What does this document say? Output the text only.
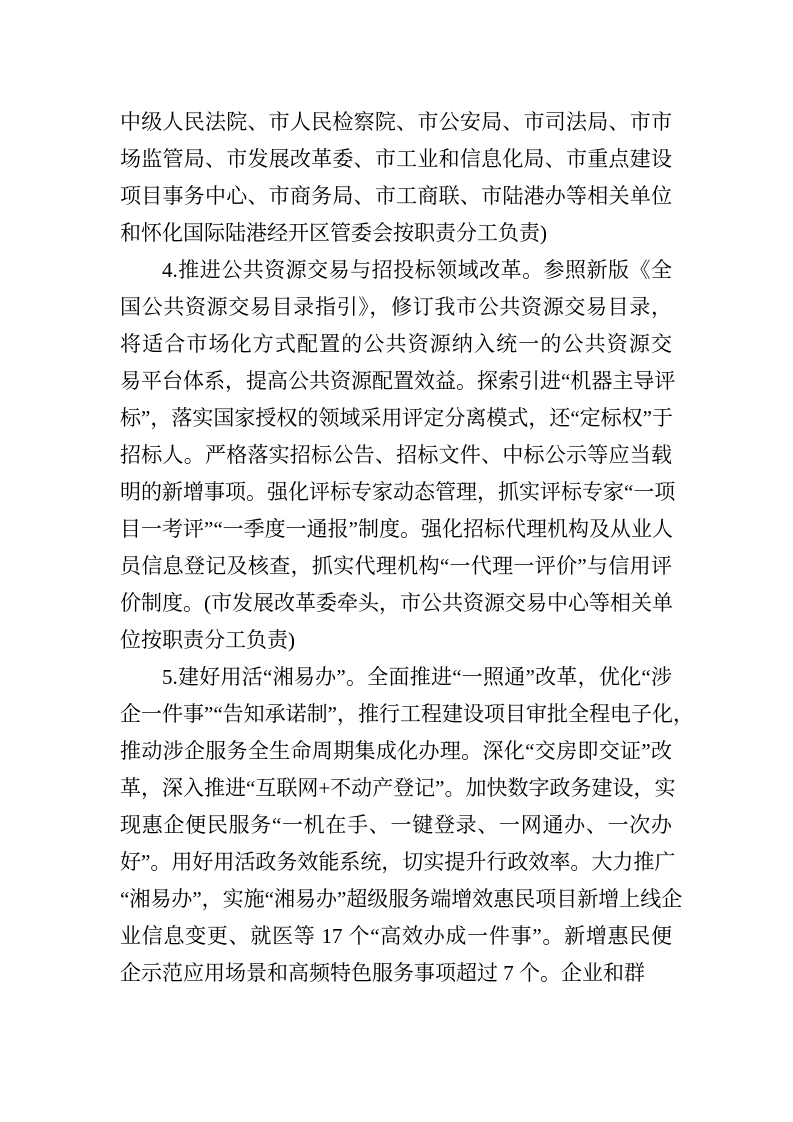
中级人民法院、市人民检察院、市公安局、市司法局、市市
场监管局、市发展改革委、市工业和信息化局、市重点建设
项目事务中心、市商务局、市工商联、市陆港办等相关单位
和怀化国际陆港经开区管委会按职责分工负责)
4.推进公共资源交易与招投标领域改革。参照新版《全
国公共资源交易目录指引》，修订我市公共资源交易目录，
将适合市场化方式配置的公共资源纳入统一的公共资源交
易平台体系，提高公共资源配置效益。探索引进“机器主导评
标”，落实国家授权的领域采用评定分离模式，还“定标权”于
招标人。严格落实招标公告、招标文件、中标公示等应当载
明的新增事项。强化评标专家动态管理，抓实评标专家“一项
目一考评”“一季度一通报”制度。强化招标代理机构及从业人
员信息登记及核查，抓实代理机构“一代理一评价”与信用评
价制度。(市发展改革委牵头，市公共资源交易中心等相关单
位按职责分工负责)
5.建好用活“湘易办”。全面推进“一照通”改革，优化“涉
企一件事”“告知承诺制”，推行工程建设项目审批全程电子化，
推动涉企服务全生命周期集成化办理。深化“交房即交证”改
革，深入推进“互联网+不动产登记”。加快数字政务建设，实
现惠企便民服务“一机在手、一键登录、一网通办、一次办
好”。用好用活政务效能系统，切实提升行政效率。大力推广
“湘易办”，实施“湘易办”超级服务端增效惠民项目新增上线企
业信息变更、就医等 17 个“高效办成一件事”。新增惠民便
企示范应用场景和高频特色服务事项超过 7 个。企业和群
